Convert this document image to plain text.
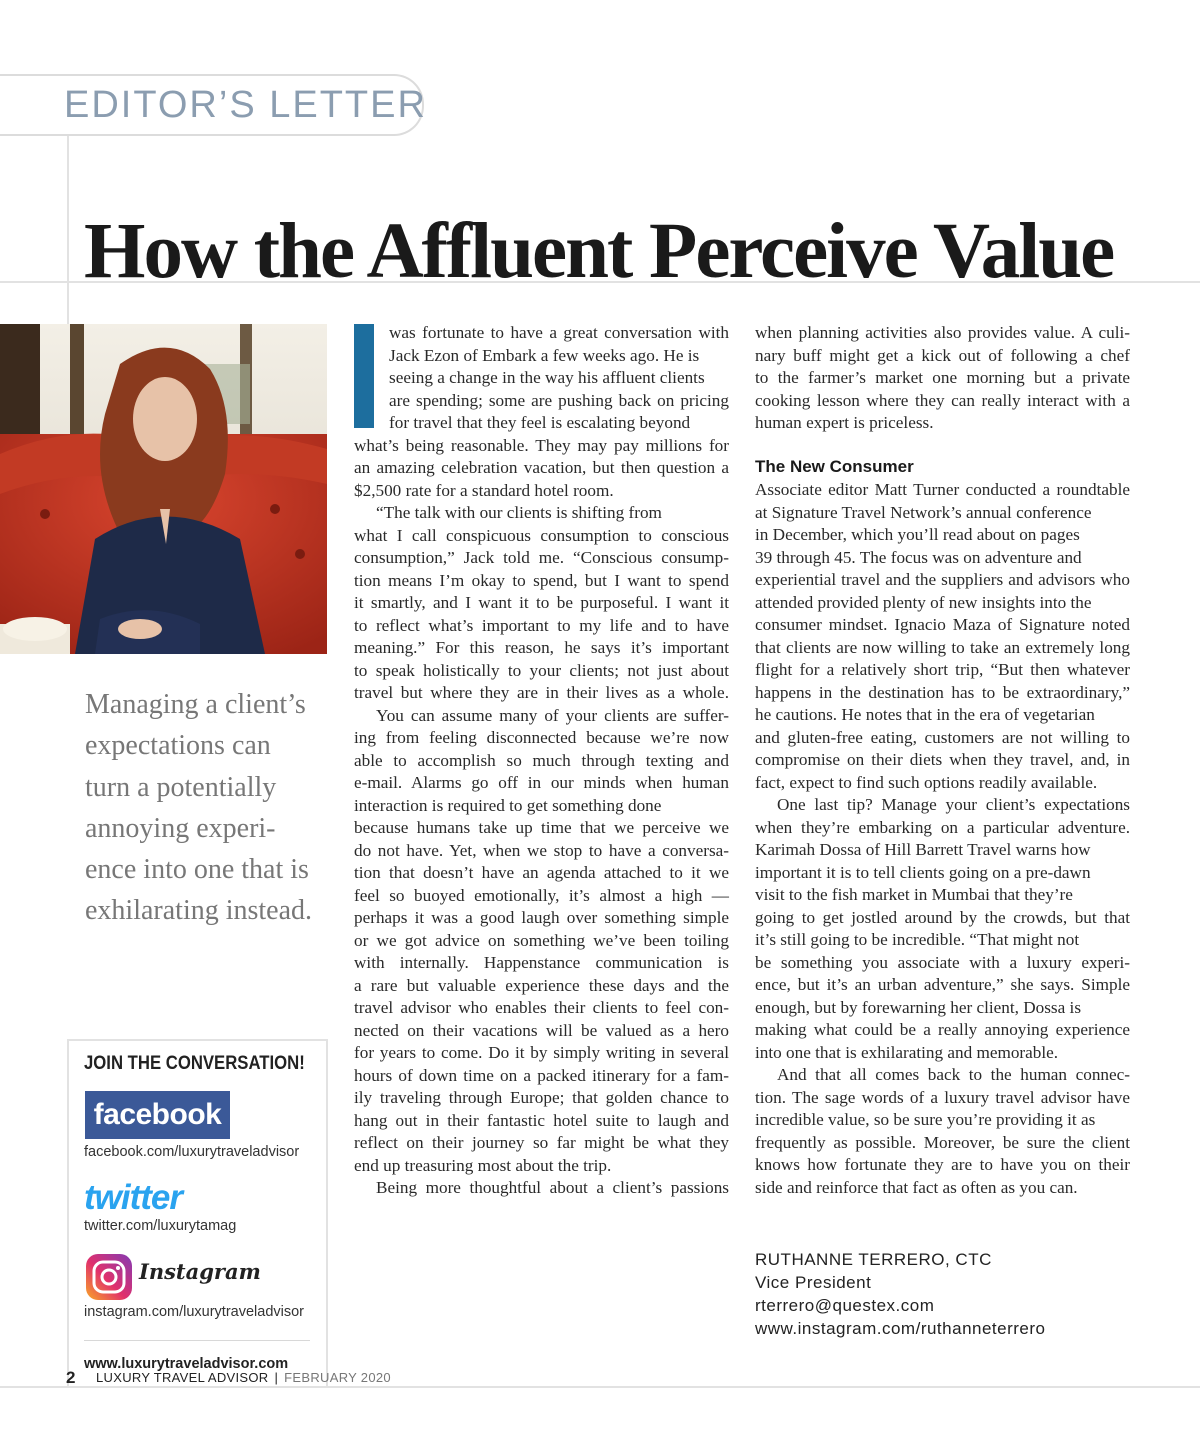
EDITOR’S LETTER
How the Affluent Perceive Value
Managing a client’s
expectations can
turn a potentially
annoying experi-
ence into one that is
exhilarating instead.
JOIN THE CONVERSATION!
facebook
facebook.com/luxurytraveladvisor
twitter
twitter.com/luxurytamag
Instagram
instagram.com/luxurytraveladvisor
www.luxurytraveladvisor.com
was fortunate to have a great conversation with
Jack Ezon of Embark a few weeks ago. He is
seeing a change in the way his affluent clients
are spending; some are pushing back on pricing
for travel that they feel is escalating beyond
what’s being reasonable. They may pay millions for
an amazing celebration vacation, but then question a
$2,500 rate for a standard hotel room.
“The talk with our clients is shifting from
what I call conspicuous consumption to conscious
consumption,” Jack told me. “Conscious consump-
tion means I’m okay to spend, but I want to spend
it smartly, and I want it to be purposeful. I want it
to reflect what’s important to my life and to have
meaning.” For this reason, he says it’s important
to speak holistically to your clients; not just about
travel but where they are in their lives as a whole.
You can assume many of your clients are suffer-
ing from feeling disconnected because we’re now
able to accomplish so much through texting and
e-mail. Alarms go off in our minds when human
interaction is required to get something done
because humans take up time that we perceive we
do not have. Yet, when we stop to have a conversa-
tion that doesn’t have an agenda attached to it we
feel so buoyed emotionally, it’s almost a high —
perhaps it was a good laugh over something simple
or we got advice on something we’ve been toiling
with internally. Happenstance communication is
a rare but valuable experience these days and the
travel advisor who enables their clients to feel con-
nected on their vacations will be valued as a hero
for years to come. Do it by simply writing in several
hours of down time on a packed itinerary for a fam-
ily traveling through Europe; that golden chance to
hang out in their fantastic hotel suite to laugh and
reflect on their journey so far might be what they
end up treasuring most about the trip.
Being more thoughtful about a client’s passions
when planning activities also provides value. A culi-
nary buff might get a kick out of following a chef
to the farmer’s market one morning but a private
cooking lesson where they can really interact with a
human expert is priceless.
The New Consumer
Associate editor Matt Turner conducted a roundtable
at Signature Travel Network’s annual conference
in December, which you’ll read about on pages
39 through 45. The focus was on adventure and
experiential travel and the suppliers and advisors who
attended provided plenty of new insights into the
consumer mindset. Ignacio Maza of Signature noted
that clients are now willing to take an extremely long
flight for a relatively short trip, “But then whatever
happens in the destination has to be extraordinary,”
he cautions. He notes that in the era of vegetarian
and gluten-free eating, customers are not willing to
compromise on their diets when they travel, and, in
fact, expect to find such options readily available.
One last tip? Manage your client’s expectations
when they’re embarking on a particular adventure.
Karimah Dossa of Hill Barrett Travel warns how
important it is to tell clients going on a pre-dawn
visit to the fish market in Mumbai that they’re
going to get jostled around by the crowds, but that
it’s still going to be incredible. “That might not
be something you associate with a luxury experi-
ence, but it’s an urban adventure,” she says. Simple
enough, but by forewarning her client, Dossa is
making what could be a really annoying experience
into one that is exhilarating and memorable.
And that all comes back to the human connec-
tion. The sage words of a luxury travel advisor have
incredible value, so be sure you’re providing it as
frequently as possible. Moreover, be sure the client
knows how fortunate they are to have you on their
side and reinforce that fact as often as you can.
RUTHANNE TERRERO, CTC
Vice President
rterrero@questex.com
www.instagram.com/ruthanneterrero
2 LUXURY TRAVEL ADVISOR | FEBRUARY 2020
